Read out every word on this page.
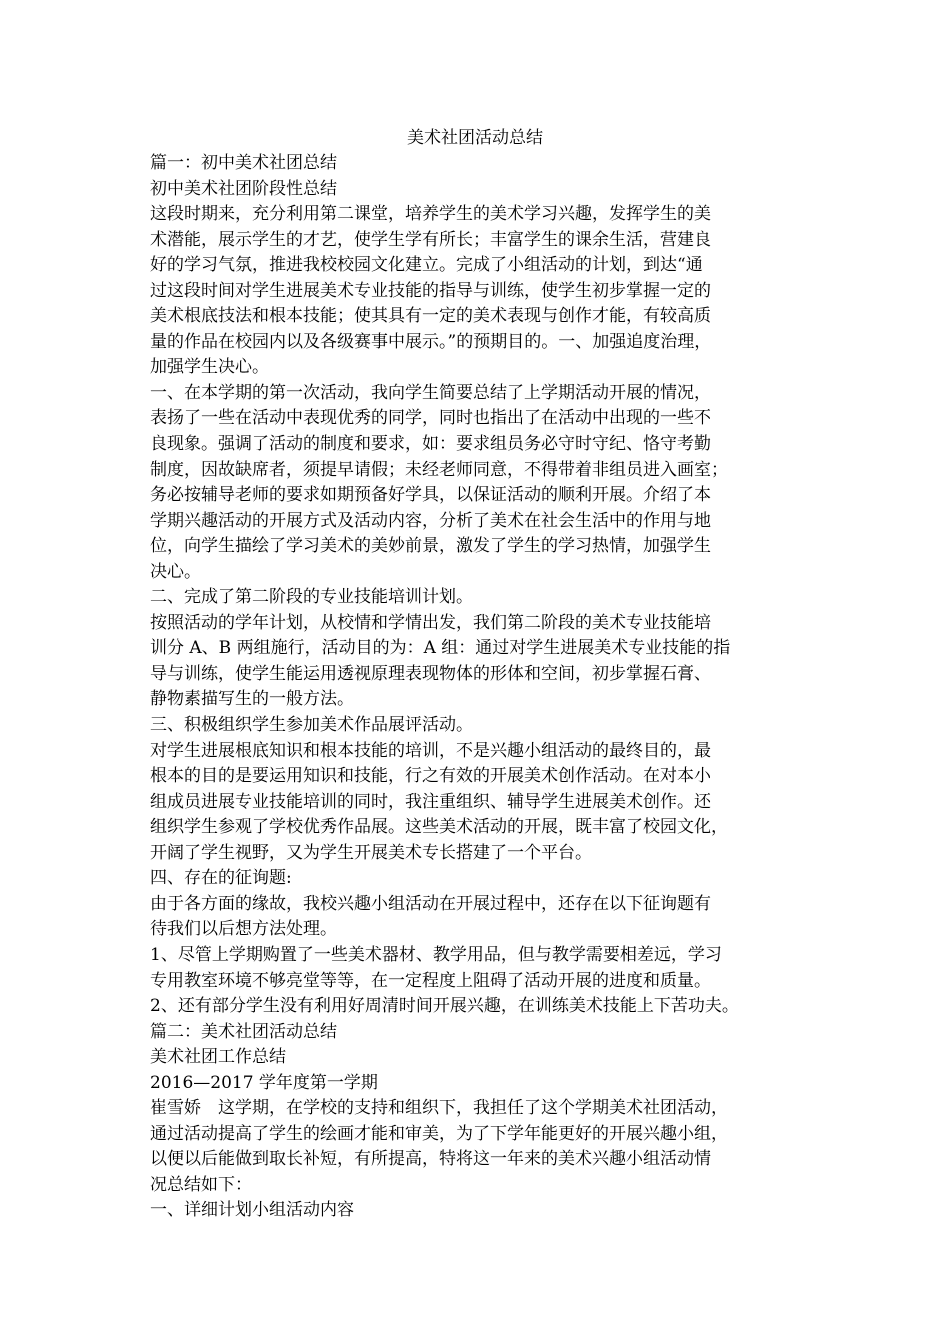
美术社团活动总结
篇一：初中美术社团总结
初中美术社团阶段性总结
这段时期来，充分利用第二课堂，培养学生的美术学习兴趣，发挥学生的美
术潜能，展示学生的才艺，使学生学有所长；丰富学生的课余生活，营建良
好的学习气氛，推进我校校园文化建立。完成了小组活动的计划，到达“通
过这段时间对学生进展美术专业技能的指导与训练，使学生初步掌握一定的
美术根底技法和根本技能；使其具有一定的美术表现与创作才能，有较高质
量的作品在校园内以及各级赛事中展示。”的预期目的。一、加强追度治理，
加强学生决心。
一、在本学期的第一次活动，我向学生简要总结了上学期活动开展的情况，
表扬了一些在活动中表现优秀的同学，同时也指出了在活动中出现的一些不
良现象。强调了活动的制度和要求，如：要求组员务必守时守纪、恪守考勤
制度，因故缺席者，须提早请假；未经老师同意，不得带着非组员进入画室；
务必按辅导老师的要求如期预备好学具，以保证活动的顺利开展。介绍了本
学期兴趣活动的开展方式及活动内容，分析了美术在社会生活中的作用与地
位，向学生描绘了学习美术的美妙前景，激发了学生的学习热情，加强学生
决心。
二、完成了第二阶段的专业技能培训计划。
按照活动的学年计划，从校情和学情出发，我们第二阶段的美术专业技能培
训分 A、B 两组施行，活动目的为：A 组：通过对学生进展美术专业技能的指
导与训练，使学生能运用透视原理表现物体的形体和空间，初步掌握石膏、
静物素描写生的一般方法。
三、积极组织学生参加美术作品展评活动。
对学生进展根底知识和根本技能的培训，不是兴趣小组活动的最终目的，最
根本的目的是要运用知识和技能，行之有效的开展美术创作活动。在对本小
组成员进展专业技能培训的同时，我注重组织、辅导学生进展美术创作。还
组织学生参观了学校优秀作品展。这些美术活动的开展，既丰富了校园文化，
开阔了学生视野，又为学生开展美术专长搭建了一个平台。
四、存在的征询题:
由于各方面的缘故，我校兴趣小组活动在开展过程中，还存在以下征询题有
待我们以后想方法处理。
1、尽管上学期购置了一些美术器材、教学用品，但与教学需要相差远，学习
专用教室环境不够亮堂等等，在一定程度上阻碍了活动开展的进度和质量。
2、还有部分学生没有利用好周清时间开展兴趣，在训练美术技能上下苦功夫。
篇二：美术社团活动总结
美术社团工作总结
2016—2017 学年度第一学期
崔雪娇　这学期，在学校的支持和组织下，我担任了这个学期美术社团活动，
通过活动提高了学生的绘画才能和审美，为了下学年能更好的开展兴趣小组，
以便以后能做到取长补短，有所提高，特将这一年来的美术兴趣小组活动情
况总结如下：
一、详细计划小组活动内容
